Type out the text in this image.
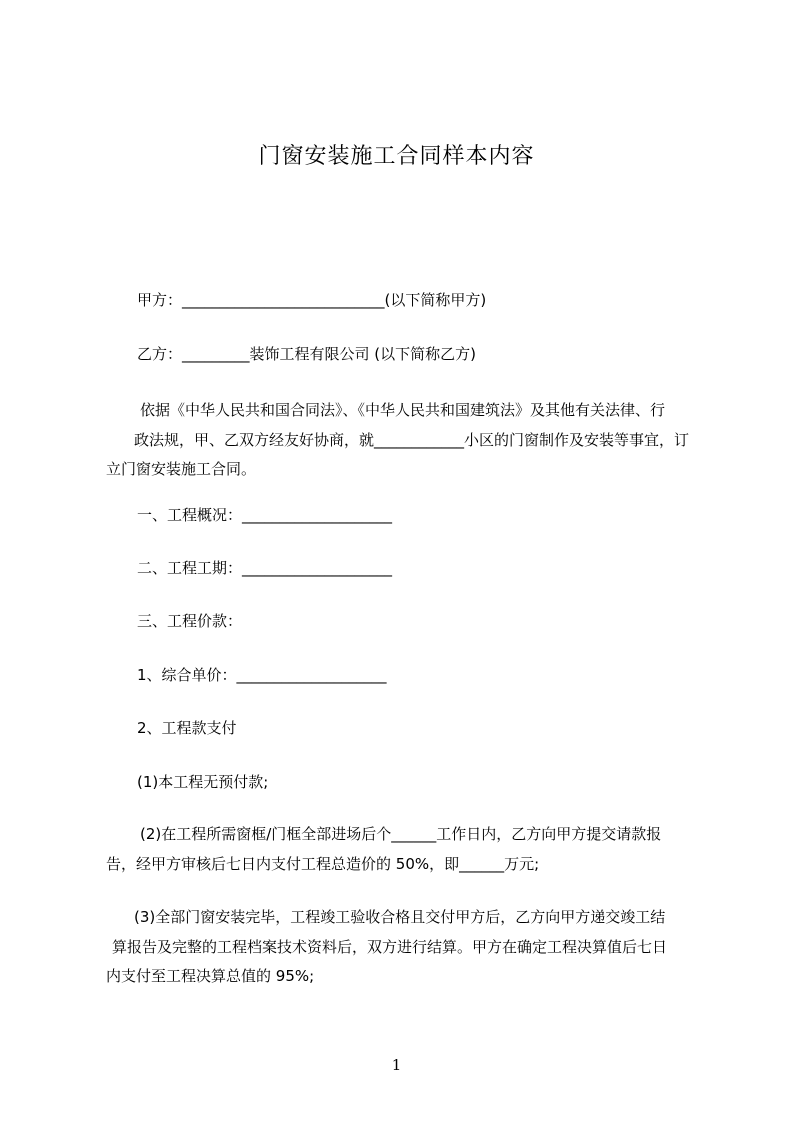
门窗安装施工合同样本内容
甲方：___________________________(以下简称甲方)
乙方：_________装饰工程有限公司 (以下简称乙方)
依据《中华人民共和国合同法》、《中华人民共和国建筑法》及其他有关法律、行
政法规，甲、乙双方经友好协商，就____________小区的门窗制作及安装等事宜，订
立门窗安装施工合同。
一、工程概况：____________________
二、工程工期：____________________
三、工程价款：
1、综合单价：____________________
2、工程款支付
(1)本工程无预付款;
(2)在工程所需窗框/门框全部进场后个______工作日内，乙方向甲方提交请款报
告，经甲方审核后七日内支付工程总造价的 50%，即______万元;
(3)全部门窗安装完毕，工程竣工验收合格且交付甲方后，乙方向甲方递交竣工结
算报告及完整的工程档案技术资料后，双方进行结算。甲方在确定工程决算值后七日
内支付至工程决算总值的 95%;
1
